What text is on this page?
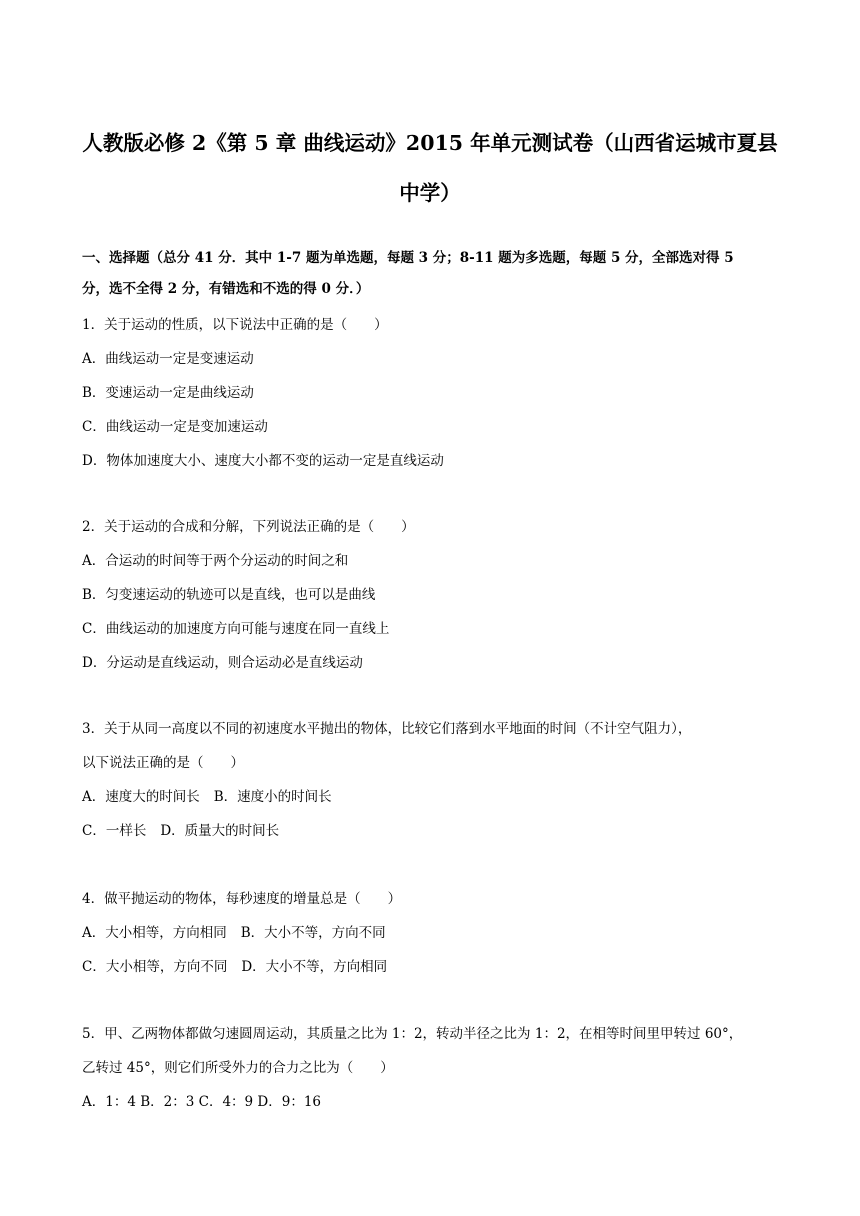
人教版必修 2《第 5 章 曲线运动》2015 年单元测试卷（山西省运城市夏县
中学）
一、选择题（总分 41 分．其中 1-7 题为单选题，每题 3 分；8-11 题为多选题，每题 5 分，全部选对得 5
分，选不全得 2 分，有错选和不选的得 0 分．）
1．关于运动的性质，以下说法中正确的是（　　）
A．曲线运动一定是变速运动
B．变速运动一定是曲线运动
C．曲线运动一定是变加速运动
D．物体加速度大小、速度大小都不变的运动一定是直线运动
2．关于运动的合成和分解，下列说法正确的是（　　）
A．合运动的时间等于两个分运动的时间之和
B．匀变速运动的轨迹可以是直线，也可以是曲线
C．曲线运动的加速度方向可能与速度在同一直线上
D．分运动是直线运动，则合运动必是直线运动
3．关于从同一高度以不同的初速度水平抛出的物体，比较它们落到水平地面的时间（不计空气阻力），
以下说法正确的是（　　）
A．速度大的时间长 B．速度小的时间长
C．一样长 D．质量大的时间长
4．做平抛运动的物体，每秒速度的增量总是（　　）
A．大小相等，方向相同 B．大小不等，方向不同
C．大小相等，方向不同 D．大小不等，方向相同
5．甲、乙两物体都做匀速圆周运动，其质量之比为 1：2，转动半径之比为 1：2，在相等时间里甲转过 60°，
乙转过 45°，则它们所受外力的合力之比为（　　）
A．1：4 B．2：3 C．4：9 D．9：16
